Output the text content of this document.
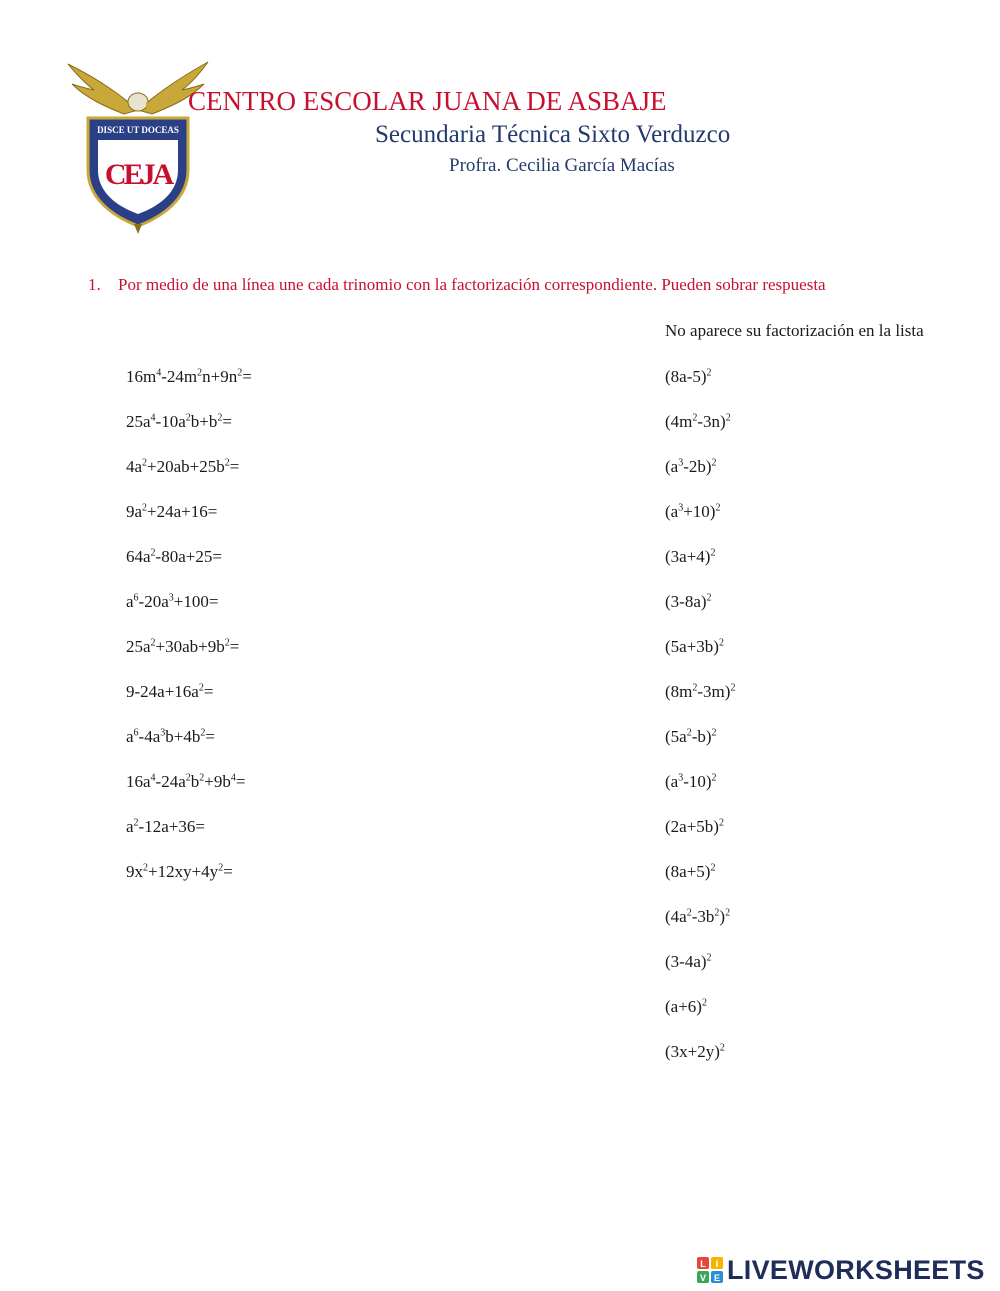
DISCE UT DOCEAS
CEJA
CENTRO ESCOLAR JUANA DE ASBAJE
Secundaria Técnica Sixto Verduzco
Profra. Cecilia García Macías
1. Por medio de una línea une cada trinomio con la factorización correspondiente. Pueden sobrar respuesta
No aparece su factorización en la lista
$16m^4-24m^2n+9n^2=$
$25a^4-10a^2b+b^2=$
$4a^2+20ab+25b^2=$
$9a^2+24a+16=$
$64a^2-80a+25=$
$a^6-20a^3+100=$
$25a^2+30ab+9b^2=$
$9-24a+16a^2=$
$a^6-4a^3b+4b^2=$
$16a^4-24a^2b^2+9b^4=$
$a^2-12a+36=$
$9x^2+12xy+4y^2=$
$(8a-5)^2$
$(4m^2-3n)^2$
$(a^3-2b)^2$
$(a^3+10)^2$
$(3a+4)^2$
$(3-8a)^2$
$(5a+3b)^2$
$(8m^2-3m)^2$
$(5a^2-b)^2$
$(a^3-10)^2$
$(2a+5b)^2$
$(8a+5)^2$
$(4a^2-3b^2)^2$
$(3-4a)^2$
$(a+6)^2$
$(3x+2y)^2$
L I
V E LIVEWORKSHEETS
